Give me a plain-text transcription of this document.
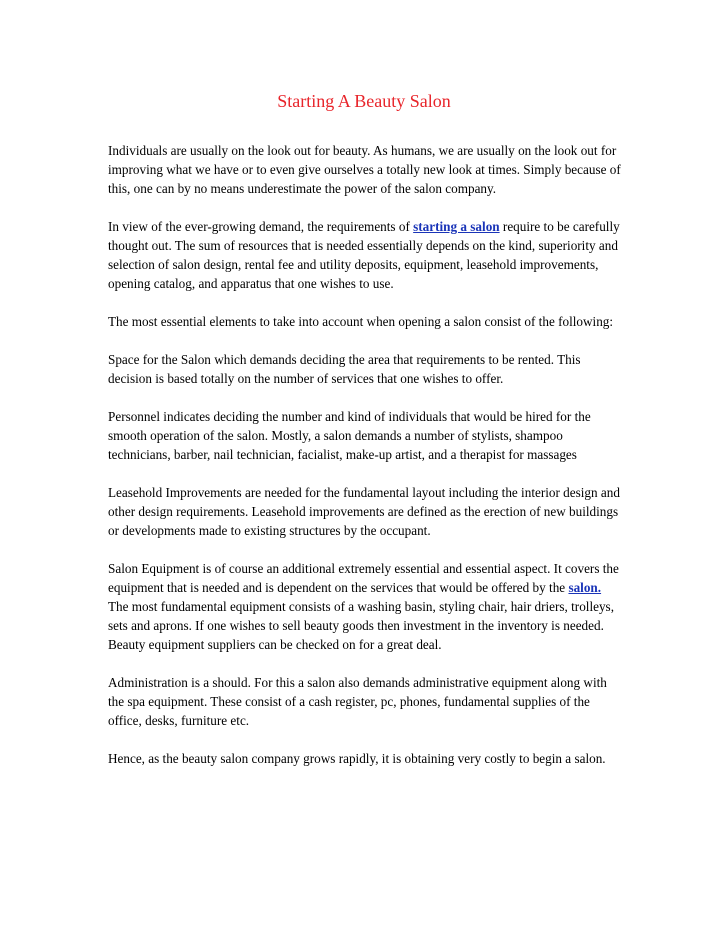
Starting A Beauty Salon

Individuals are usually on the look out for beauty. As humans, we are usually on the look out for improving what we have or to even give ourselves a totally new look at times. Simply because of this, one can by no means underestimate the power of the salon company.

In view of the ever-growing demand, the requirements of starting a salon require to be carefully thought out. The sum of resources that is needed essentially depends on the kind, superiority and selection of salon design, rental fee and utility deposits, equipment, leasehold improvements, opening catalog, and apparatus that one wishes to use.

The most essential elements to take into account when opening a salon consist of the following:

Space for the Salon which demands deciding the area that requirements to be rented. This decision is based totally on the number of services that one wishes to offer.

Personnel indicates deciding the number and kind of individuals that would be hired for the smooth operation of the salon. Mostly, a salon demands a number of stylists, shampoo technicians, barber, nail technician, facialist, make-up artist, and a therapist for massages

Leasehold Improvements are needed for the fundamental layout including the interior design and other design requirements. Leasehold improvements are defined as the erection of new buildings or developments made to existing structures by the occupant.

Salon Equipment is of course an additional extremely essential and essential aspect. It covers the equipment that is needed and is dependent on the services that would be offered by the salon. The most fundamental equipment consists of a washing basin, styling chair, hair driers, trolleys, sets and aprons. If one wishes to sell beauty goods then investment in the inventory is needed. Beauty equipment suppliers can be checked on for a great deal.

Administration is a should. For this a salon also demands administrative equipment along with the spa equipment. These consist of a cash register, pc, phones, fundamental supplies of the office, desks, furniture etc.

Hence, as the beauty salon company grows rapidly, it is obtaining very costly to begin a salon.
